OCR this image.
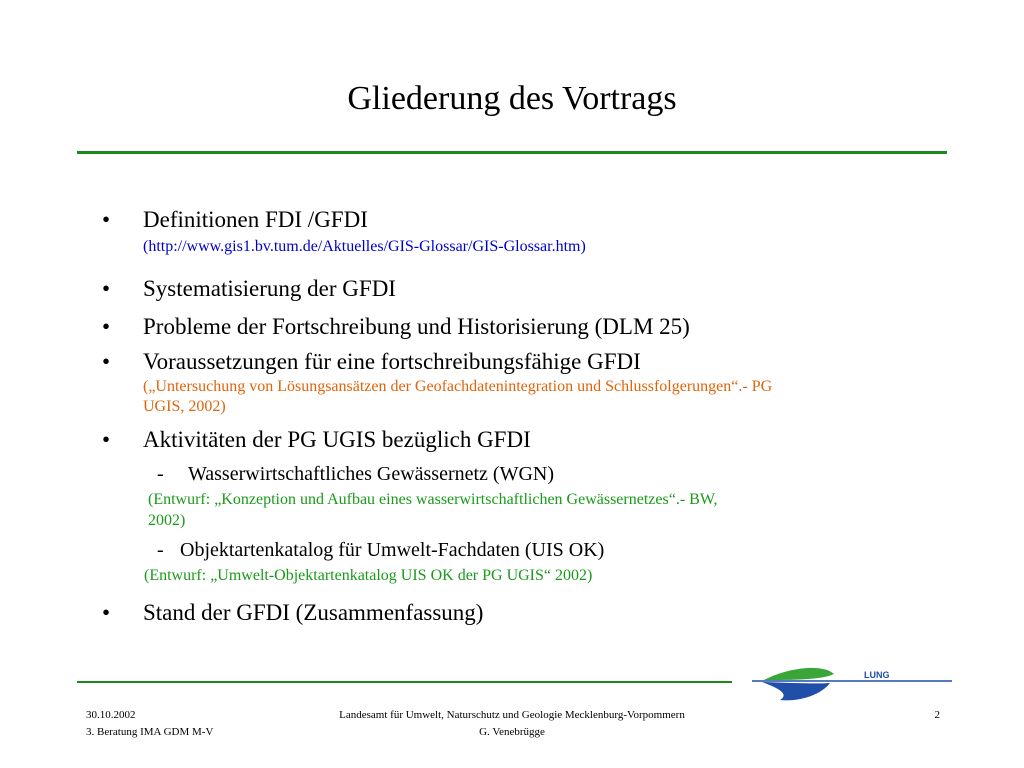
Gliederung des Vortrags
• Definitionen FDI /GFDI
(http://www.gis1.bv.tum.de/Aktuelles/GIS-Glossar/GIS-Glossar.htm)
• Systematisierung der GFDI
• Probleme der Fortschreibung und Historisierung (DLM 25)
• Voraussetzungen für eine fortschreibungsfähige GFDI
(„Untersuchung von Lösungsansätzen der Geofachdatenintegration und Schlussfolgerungen“.- PG
UGIS, 2002)
• Aktivitäten der PG UGIS bezüglich GFDI
- Wasserwirtschaftliches Gewässernetz (WGN)
(Entwurf: „Konzeption und Aufbau eines wasserwirtschaftlichen Gewässernetzes“.- BW,
2002)
- Objektartenkatalog für Umwelt-Fachdaten (UIS OK)
(Entwurf: „Umwelt-Objektartenkatalog UIS OK der PG UGIS“ 2002)
• Stand der GFDI (Zusammenfassung)
LUNG
30.10.2002
3. Beratung IMA GDM M-V
Landesamt für Umwelt, Naturschutz und Geologie Mecklenburg-Vorpommern
G. Venebrügge
2
